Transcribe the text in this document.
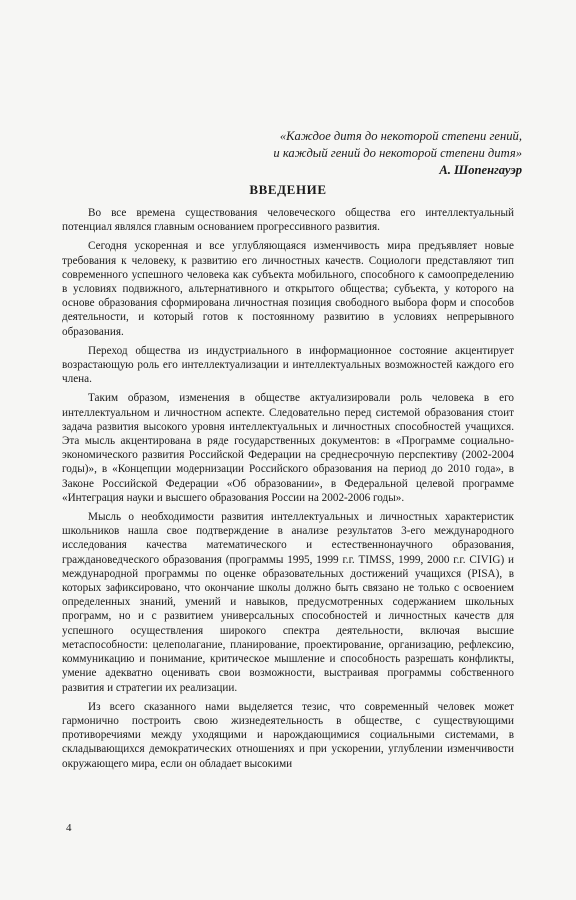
«Каждое дитя до некоторой степени гений,
и каждый гений до некоторой степени дитя»
А. Шопенгауэр
ВВЕДЕНИЕ

Во все времена существования человеческого общества его интеллектуальный потенциал являлся главным основанием прогрессивного развития.

Сегодня ускоренная и все углубляющаяся изменчивость мира предъявляет новые требования к человеку, к развитию его личностных качеств. Социологи представляют тип современного успешного человека как субъекта мобильного, способного к самоопределению в условиях подвижного, альтернативного и открытого общества; субъекта, у которого на основе образования сформирована личностная позиция свободного выбора форм и способов деятельности, и который готов к постоянному развитию в условиях непрерывного образования.

Переход общества из индустриального в информационное состояние акцентирует возрастающую роль его интеллектуализации и интеллектуальных возможностей каждого его члена.

Таким образом, изменения в обществе актуализировали роль человека в его интеллектуальном и личностном аспекте. Следовательно перед системой образования стоит задача развития высокого уровня интеллектуальных и личностных способностей учащихся. Эта мысль акцентирована в ряде государственных документов: в «Программе социально-экономического развития Российской Федерации на среднесрочную перспективу (2002-2004 годы)», в «Концепции модернизации Российского образования на период до 2010 года», в Законе Российской Федерации «Об образовании», в Федеральной целевой программе «Интеграция науки и высшего образования России на 2002-2006 годы».

Мысль о необходимости развития интеллектуальных и личностных характеристик школьников нашла свое подтверждение в анализе результатов 3-его международного исследования качества математического и естественнонаучного образования, граждановедческого образования (программы 1995, 1999 г.г. TIMSS, 1999, 2000 г.г. CIVIG) и международной программы по оценке образовательных достижений учащихся (PISA), в которых зафиксировано, что окончание школы должно быть связано не только с освоением определенных знаний, умений и навыков, предусмотренных содержанием школьных программ, но и с развитием универсальных способностей и личностных качеств для успешного осуществления широкого спектра деятельности, включая высшие метаспособности: целеполагание, планирование, проектирование, организацию, рефлексию, коммуникацию и понимание, критическое мышление и способность разрешать конфликты, умение адекватно оценивать свои возможности, выстраивая программы собственного развития и стратегии их реализации.

Из всего сказанного нами выделяется тезис, что современный человек может гармонично построить свою жизнедеятельность в обществе, с существующими противоречиями между уходящими и нарождающимися социальными системами, в складывающихся демократических отношениях и при ускорении, углублении изменчивости окружающего мира, если он обладает высокими

4
